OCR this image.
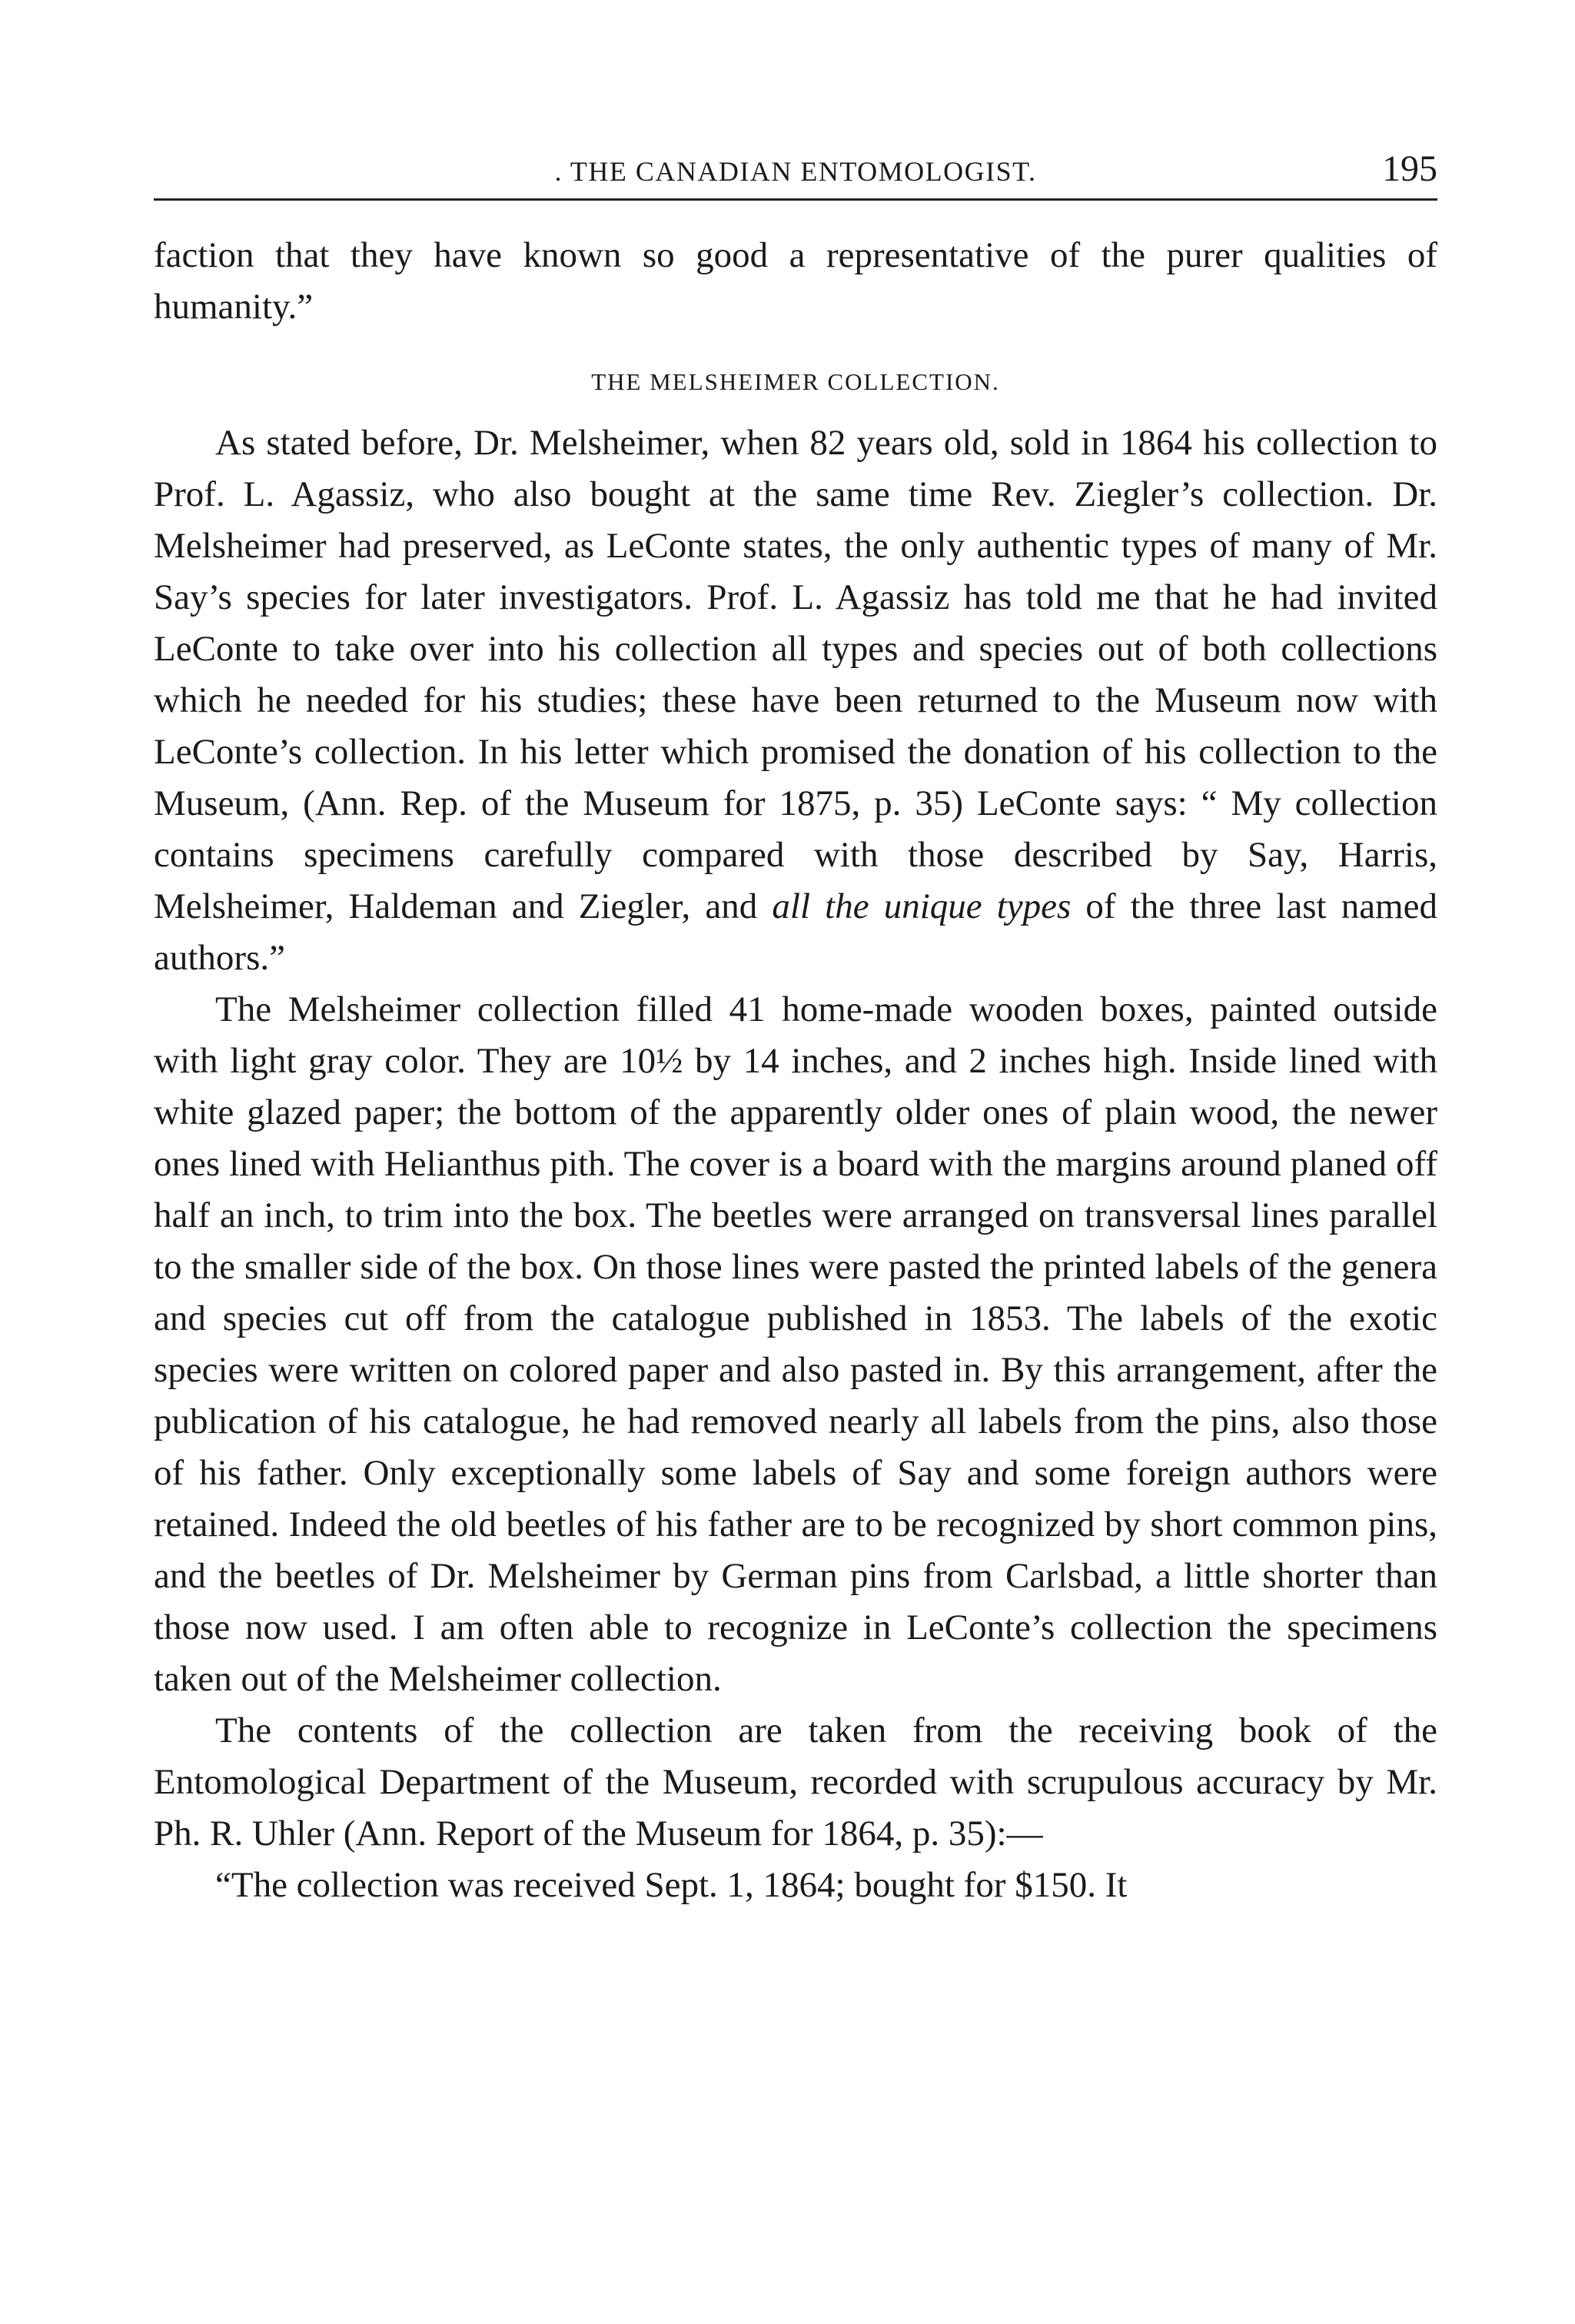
. THE CANADIAN ENTOMOLOGIST.	195

faction that they have known so good a representative of the purer qualities of humanity.”

THE MELSHEIMER COLLECTION.

As stated before, Dr. Melsheimer, when 82 years old, sold in 1864 his collection to Prof. L. Agassiz, who also bought at the same time Rev. Ziegler’s collection. Dr. Melsheimer had preserved, as LeConte states, the only authentic types of many of Mr. Say’s species for later investigators. Prof. L. Agassiz has told me that he had invited LeConte to take over into his collection all types and species out of both collections which he needed for his studies; these have been returned to the Museum now with LeConte’s collection. In his letter which promised the donation of his collection to the Museum, (Ann. Rep. of the Museum for 1875, p. 35) LeConte says: “ My collection contains specimens carefully compared with those described by Say, Harris, Melsheimer, Haldeman and Ziegler, and all the unique types of the three last named authors.”

The Melsheimer collection filled 41 home-made wooden boxes, painted outside with light gray color. They are 10½ by 14 inches, and 2 inches high. Inside lined with white glazed paper; the bottom of the apparently older ones of plain wood, the newer ones lined with Helianthus pith. The cover is a board with the margins around planed off half an inch, to trim into the box. The beetles were arranged on transversal lines parallel to the smaller side of the box. On those lines were pasted the printed labels of the genera and species cut off from the catalogue published in 1853. The labels of the exotic species were written on colored paper and also pasted in. By this arrangement, after the publication of his catalogue, he had removed nearly all labels from the pins, also those of his father. Only exceptionally some labels of Say and some foreign authors were retained. Indeed the old beetles of his father are to be recognized by short common pins, and the beetles of Dr. Melsheimer by German pins from Carlsbad, a little shorter than those now used. I am often able to recognize in LeConte’s collection the specimens taken out of the Melsheimer collection.

The contents of the collection are taken from the receiving book of the Entomological Department of the Museum, recorded with scrupulous accuracy by Mr. Ph. R. Uhler (Ann. Report of the Museum for 1864, p. 35):—

“The collection was received Sept. 1, 1864; bought for $150. It
